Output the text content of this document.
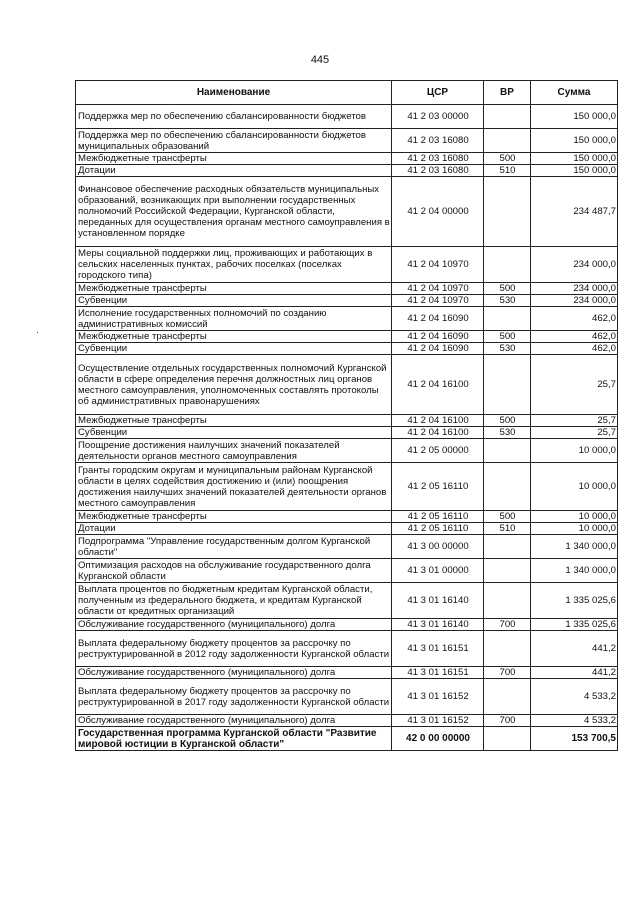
445
·
Наименование	ЦСР	ВР	Сумма
Поддержка мер по обеспечению сбалансированности бюджетов	41 2 03 00000		150 000,0
Поддержка мер по обеспечению сбалансированности бюджетов муниципальных образований	41 2 03 16080		150 000,0
Межбюджетные трансферты	41 2 03 16080	500	150 000,0
Дотации	41 2 03 16080	510	150 000,0
Финансовое обеспечение расходных обязательств муниципальных образований, возникающих при выполнении государственных полномочий Российской Федерации, Курганской области, переданных для осуществления органам местного самоуправления в установленном порядке	41 2 04 00000		234 487,7
Меры социальной поддержки лиц, проживающих и работающих в сельских населенных пунктах, рабочих поселках (поселках городского типа)	41 2 04 10970		234 000,0
Межбюджетные трансферты	41 2 04 10970	500	234 000,0
Субвенции	41 2 04 10970	530	234 000,0
Исполнение государственных полномочий по созданию административных комиссий	41 2 04 16090		462,0
Межбюджетные трансферты	41 2 04 16090	500	462,0
Субвенции	41 2 04 16090	530	462,0
Осуществление отдельных государственных полномочий Курганской области в сфере определения перечня должностных лиц органов местного самоуправления, уполномоченных составлять протоколы об административных правонарушениях	41 2 04 16100		25,7
Межбюджетные трансферты	41 2 04 16100	500	25,7
Субвенции	41 2 04 16100	530	25,7
Поощрение достижения наилучших значений показателей деятельности органов местного самоуправления	41 2 05 00000		10 000,0
Гранты городским округам и муниципальным районам Курганской области в целях содействия достижению и (или) поощрения достижения наилучших значений показателей деятельности органов местного самоуправления	41 2 05 16110		10 000,0
Межбюджетные трансферты	41 2 05 16110	500	10 000,0
Дотации	41 2 05 16110	510	10 000,0
Подпрограмма "Управление государственным долгом Курганской области"	41 3 00 00000		1 340 000,0
Оптимизация расходов на обслуживание государственного долга Курганской области	41 3 01 00000		1 340 000,0
Выплата процентов по бюджетным кредитам Курганской области, полученным из федерального бюджета, и кредитам Курганской области от кредитных организаций	41 3 01 16140		1 335 025,6
Обслуживание государственного (муниципального) долга	41 3 01 16140	700	1 335 025,6
Выплата федеральному бюджету процентов за рассрочку по реструктурированной в 2012 году задолженности Курганской области	41 3 01 16151		441,2
Обслуживание государственного (муниципального) долга	41 3 01 16151	700	441,2
Выплата федеральному бюджету процентов за рассрочку по реструктурированной в 2017 году задолженности Курганской области	41 3 01 16152		4 533,2
Обслуживание государственного (муниципального) долга	41 3 01 16152	700	4 533,2
Государственная программа Курганской области "Развитие мировой юстиции в Курганской области"	42 0 00 00000		153 700,5
